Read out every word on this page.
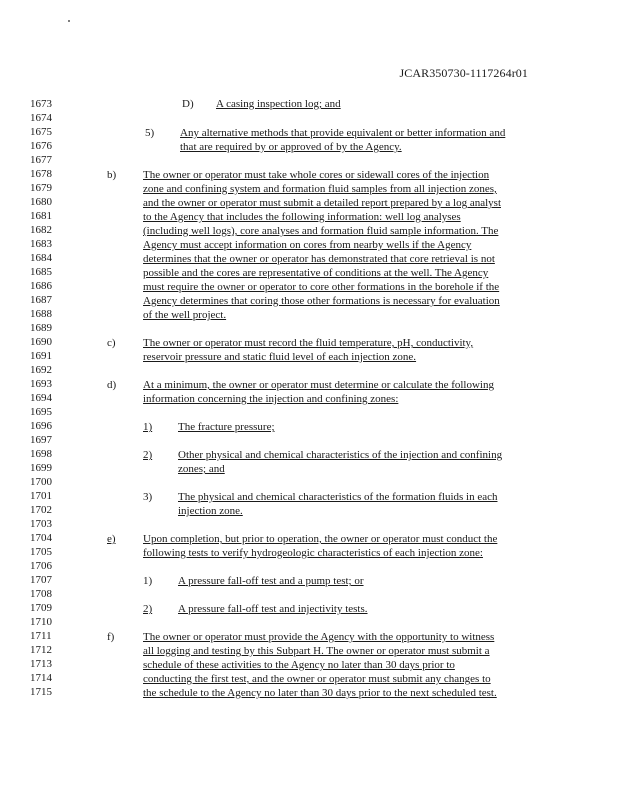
JCAR350730-1117264r01
1673
1674
1675
1676
1677
1678
1679
1680
1681
1682
1683
1684
1685
1686
1687
1688
1689
1690
1691
1692
1693
1694
1695
1696
1697
1698
1699
1700
1701
1702
1703
1704
1705
1706
1707
1708
1709
1710
1711
1712
1713
1714
1715
D) A casing inspection log; and
5) Any alternative methods that provide equivalent or better information and
that are required by or approved of by the Agency.
b) The owner or operator must take whole cores or sidewall cores of the injection
zone and confining system and formation fluid samples from all injection zones,
and the owner or operator must submit a detailed report prepared by a log analyst
to the Agency that includes the following information: well log analyses
(including well logs), core analyses and formation fluid sample information. The
Agency must accept information on cores from nearby wells if the Agency
determines that the owner or operator has demonstrated that core retrieval is not
possible and the cores are representative of conditions at the well. The Agency
must require the owner or operator to core other formations in the borehole if the
Agency determines that coring those other formations is necessary for evaluation
of the well project.
c) The owner or operator must record the fluid temperature, pH, conductivity,
reservoir pressure and static fluid level of each injection zone.
d) At a minimum, the owner or operator must determine or calculate the following
information concerning the injection and confining zones:
1) The fracture pressure;
2) Other physical and chemical characteristics of the injection and confining
zones; and
3) The physical and chemical characteristics of the formation fluids in each
injection zone.
e) Upon completion, but prior to operation, the owner or operator must conduct the
following tests to verify hydrogeologic characteristics of each injection zone:
1) A pressure fall-off test and a pump test; or
2) A pressure fall-off test and injectivity tests.
f)	The owner or operator must provide the Agency with the opportunity to witness
all logging and testing by this Subpart H. The owner or operator must submit a
schedule of these activities to the Agency no later than 30 days prior to
conducting the first test, and the owner or operator must submit any changes to
the schedule to the Agency no later than 30 days prior to the next scheduled test.
